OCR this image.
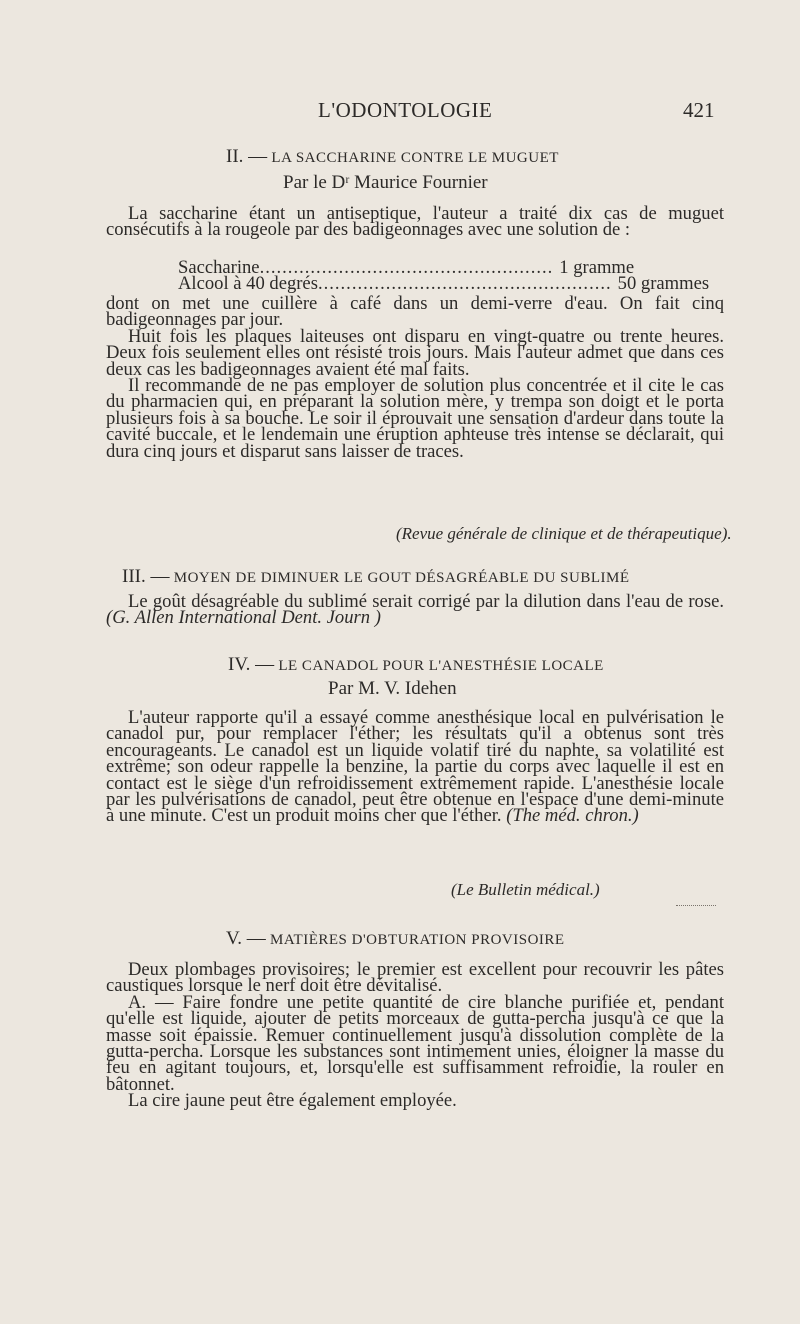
L'ODONTOLOGIE	421
II. — LA SACCHARINE CONTRE LE MUGUET
Par le Dʳ Maurice Fournier

La saccharine étant un antiseptique, l'auteur a traité dix cas de muguet consécutifs à la rougeole par des badigeonnages avec une solution de :

Saccharine .................................................... 1 gramme
Alcool à 40 degrés .................................................... 50 grammes

dont on met une cuillère à café dans un demi-verre d'eau. On fait cinq badigeonnages par jour.

Huit fois les plaques laiteuses ont disparu en vingt-quatre ou trente heures. Deux fois seulement elles ont résisté trois jours. Mais l'auteur admet que dans ces deux cas les badigeonnages avaient été mal faits.

Il recommande de ne pas employer de solution plus concentrée et il cite le cas du pharmacien qui, en préparant la solution mère, y trempa son doigt et le porta plusieurs fois à sa bouche. Le soir il éprouvait une sensation d'ardeur dans toute la cavité buccale, et le lendemain une éruption aphteuse très intense se déclarait, qui dura cinq jours et disparut sans laisser de traces.

(Revue générale de clinique et de thérapeutique).
III. — MOYEN DE DIMINUER LE GOUT DÉSAGRÉABLE DU SUBLIMÉ

Le goût désagréable du sublimé serait corrigé par la dilution dans l'eau de rose. (G. Allen International Dent. Journ )

IV. — LE CANADOL POUR L'ANESTHÉSIE LOCALE
Par M. V. Idehen

L'auteur rapporte qu'il a essayé comme anesthésique local en pulvérisation le canadol pur, pour remplacer l'éther; les résultats qu'il a obtenus sont très encourageants. Le canadol est un liquide volatif tiré du naphte, sa volatilité est extrême; son odeur rappelle la benzine, la partie du corps avec laquelle il est en contact est le siège d'un refroidissement extrêmement rapide. L'anesthésie locale par les pulvérisations de canadol, peut être obtenue en l'espace d'une demi-minute à une minute. C'est un produit moins cher que l'éther. (The méd. chron.)

(Le Bulletin médical.)
V. — MATIÈRES D'OBTURATION PROVISOIRE

Deux plombages provisoires; le premier est excellent pour recouvrir les pâtes caustiques lorsque le nerf doit être dévitalisé.

A. — Faire fondre une petite quantité de cire blanche purifiée et, pendant qu'elle est liquide, ajouter de petits morceaux de gutta-percha jusqu'à ce que la masse soit épaissie. Remuer continuellement jusqu'à dissolution complète de la gutta-percha. Lorsque les substances sont intimement unies, éloigner la masse du feu en agitant toujours, et, lorsqu'elle est suffisamment refroidie, la rouler en bâtonnet.

La cire jaune peut être également employée.
